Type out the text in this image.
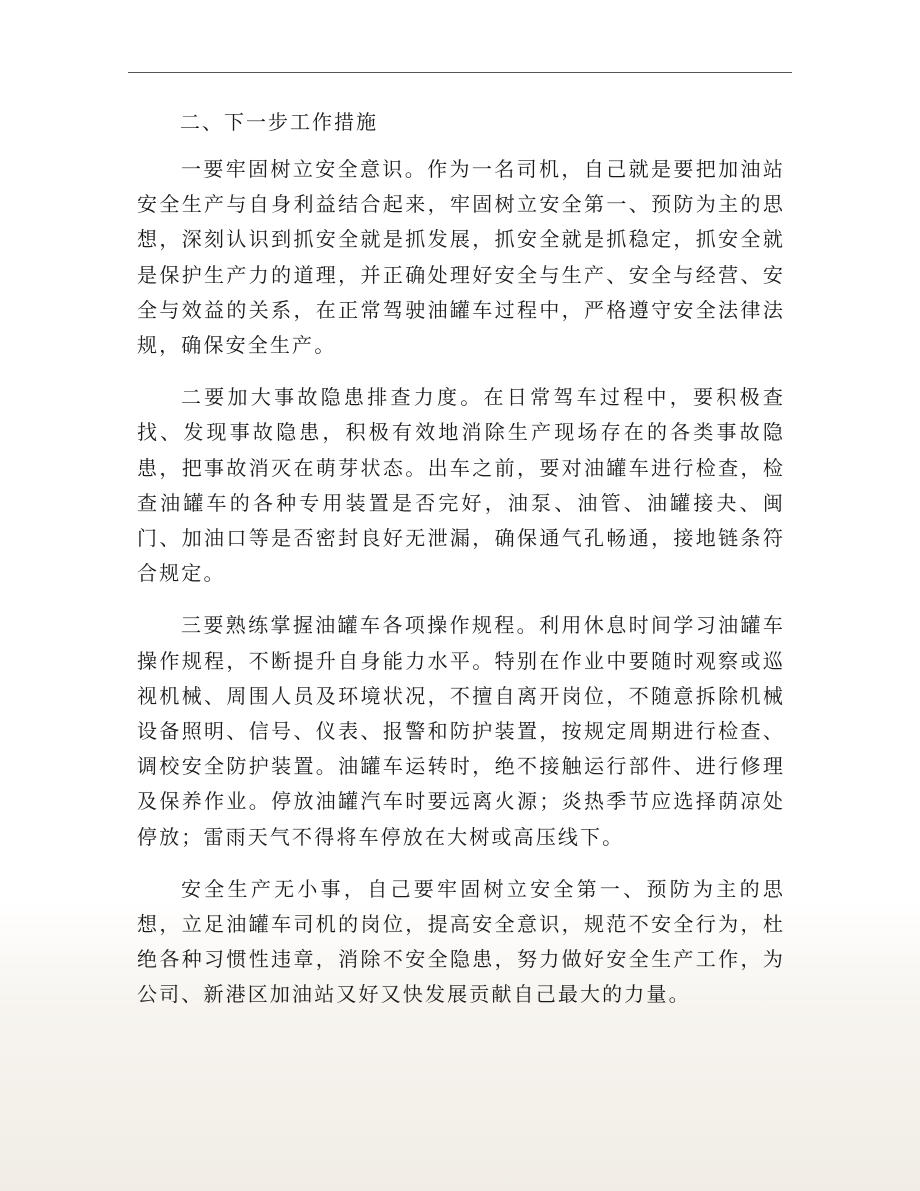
二、下一步工作措施

一要牢固树立安全意识。作为一名司机，自己就是要把加油站安全生产与自身利益结合起来，牢固树立安全第一、预防为主的思想，深刻认识到抓安全就是抓发展，抓安全就是抓稳定，抓安全就是保护生产力的道理，并正确处理好安全与生产、安全与经营、安全与效益的关系，在正常驾驶油罐车过程中，严格遵守安全法律法规，确保安全生产。

二要加大事故隐患排查力度。在日常驾车过程中，要积极查找、发现事故隐患，积极有效地消除生产现场存在的各类事故隐患，把事故消灭在萌芽状态。出车之前，要对油罐车进行检查，检查油罐车的各种专用装置是否完好，油泵、油管、油罐接夬、闽门、加油口等是否密封良好无泄漏，确保通气孔畅通，接地链条符合规定。

三要熟练掌握油罐车各项操作规程。利用休息时间学习油罐车操作规程，不断提升自身能力水平。特别在作业中要随时观察或巡视机械、周围人员及环境状况，不擅自离开岗位，不随意拆除机械设备照明、信号、仪表、报警和防护装置，按规定周期进行检查、调校安全防护装置。油罐车运转时，绝不接触运行部件、进行修理及保养作业。停放油罐汽车时要远离火源；炎热季节应选择荫凉处停放；雷雨天气不得将车停放在大树或高压线下。

安全生产无小事，自己要牢固树立安全第一、预防为主的思想，立足油罐车司机的岗位，提高安全意识，规范不安全行为，杜绝各种习惯性违章，消除不安全隐患，努力做好安全生产工作，为公司、新港区加油站又好又快发展贡献自己最大的力量。
